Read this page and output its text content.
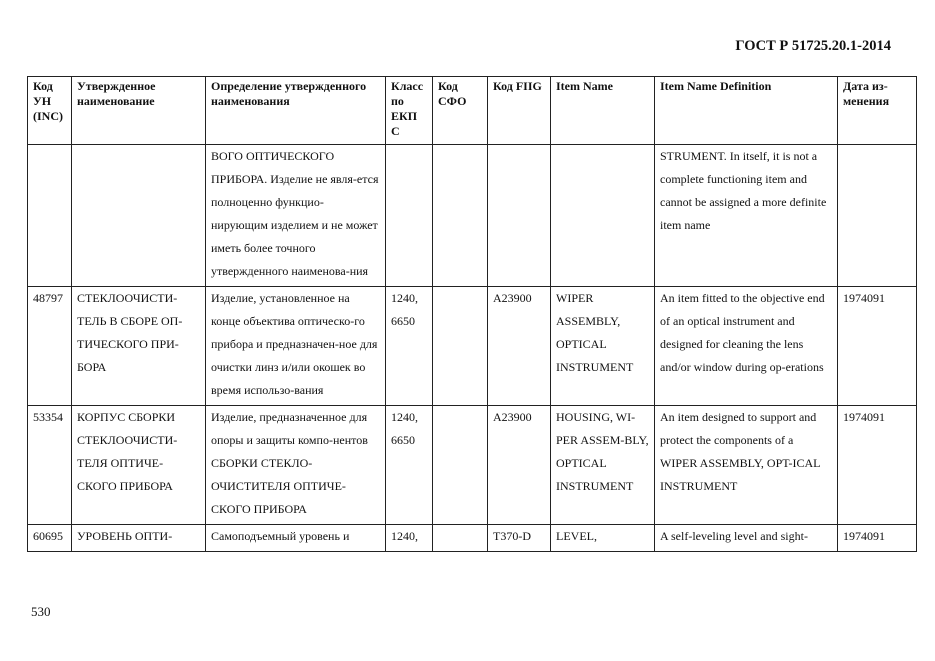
ГОСТ Р 51725.20.1-2014
Код УН (INC)	Утвержденное наименование	Определение утвержденного наименования	Класс по ЕКП С	Код СФО	Код FIIG	Item Name	Item Name Definition	Дата из-менения
		ВОГО ОПТИЧЕСКОГО ПРИБОРА. Изделие не явля-ется полноценно функцио-нирующим изделием и не может иметь более точного утвержденного наименова-ния					STRUMENT. In itself, it is not a complete functioning item and cannot be assigned a more definite item name	
48797	СТЕКЛООЧИСТИ-ТЕЛЬ В СБОРЕ ОП-ТИЧЕСКОГО ПРИ-БОРА	Изделие, установленное на конце объектива оптическо-го прибора и предназначен-ное для очистки линз и/или окошек во время использо-вания	1240, 6650		A23900	WIPER ASSEMBLY, OPTICAL INSTRUMENT	An item fitted to the objective end of an optical instrument and designed for cleaning the lens and/or window during op-erations	1974091
53354	КОРПУС СБОРКИ СТЕКЛООЧИСТИ-ТЕЛЯ ОПТИЧЕ-СКОГО ПРИБОРА	Изделие, предназначенное для опоры и защиты компо-нентов СБОРКИ СТЕКЛО-ОЧИСТИТЕЛЯ ОПТИЧЕ-СКОГО ПРИБОРА	1240, 6650		A23900	HOUSING, WI-PER ASSEM-BLY, OPTICAL INSTRUMENT	An item designed to support and protect the components of a WIPER ASSEMBLY, OPT-ICAL INSTRUMENT	1974091
60695	УРОВЕНЬ ОПТИ-	Самоподъемный уровень и	1240,		T370-D	LEVEL,	A self-leveling level and sight-	1974091
530
